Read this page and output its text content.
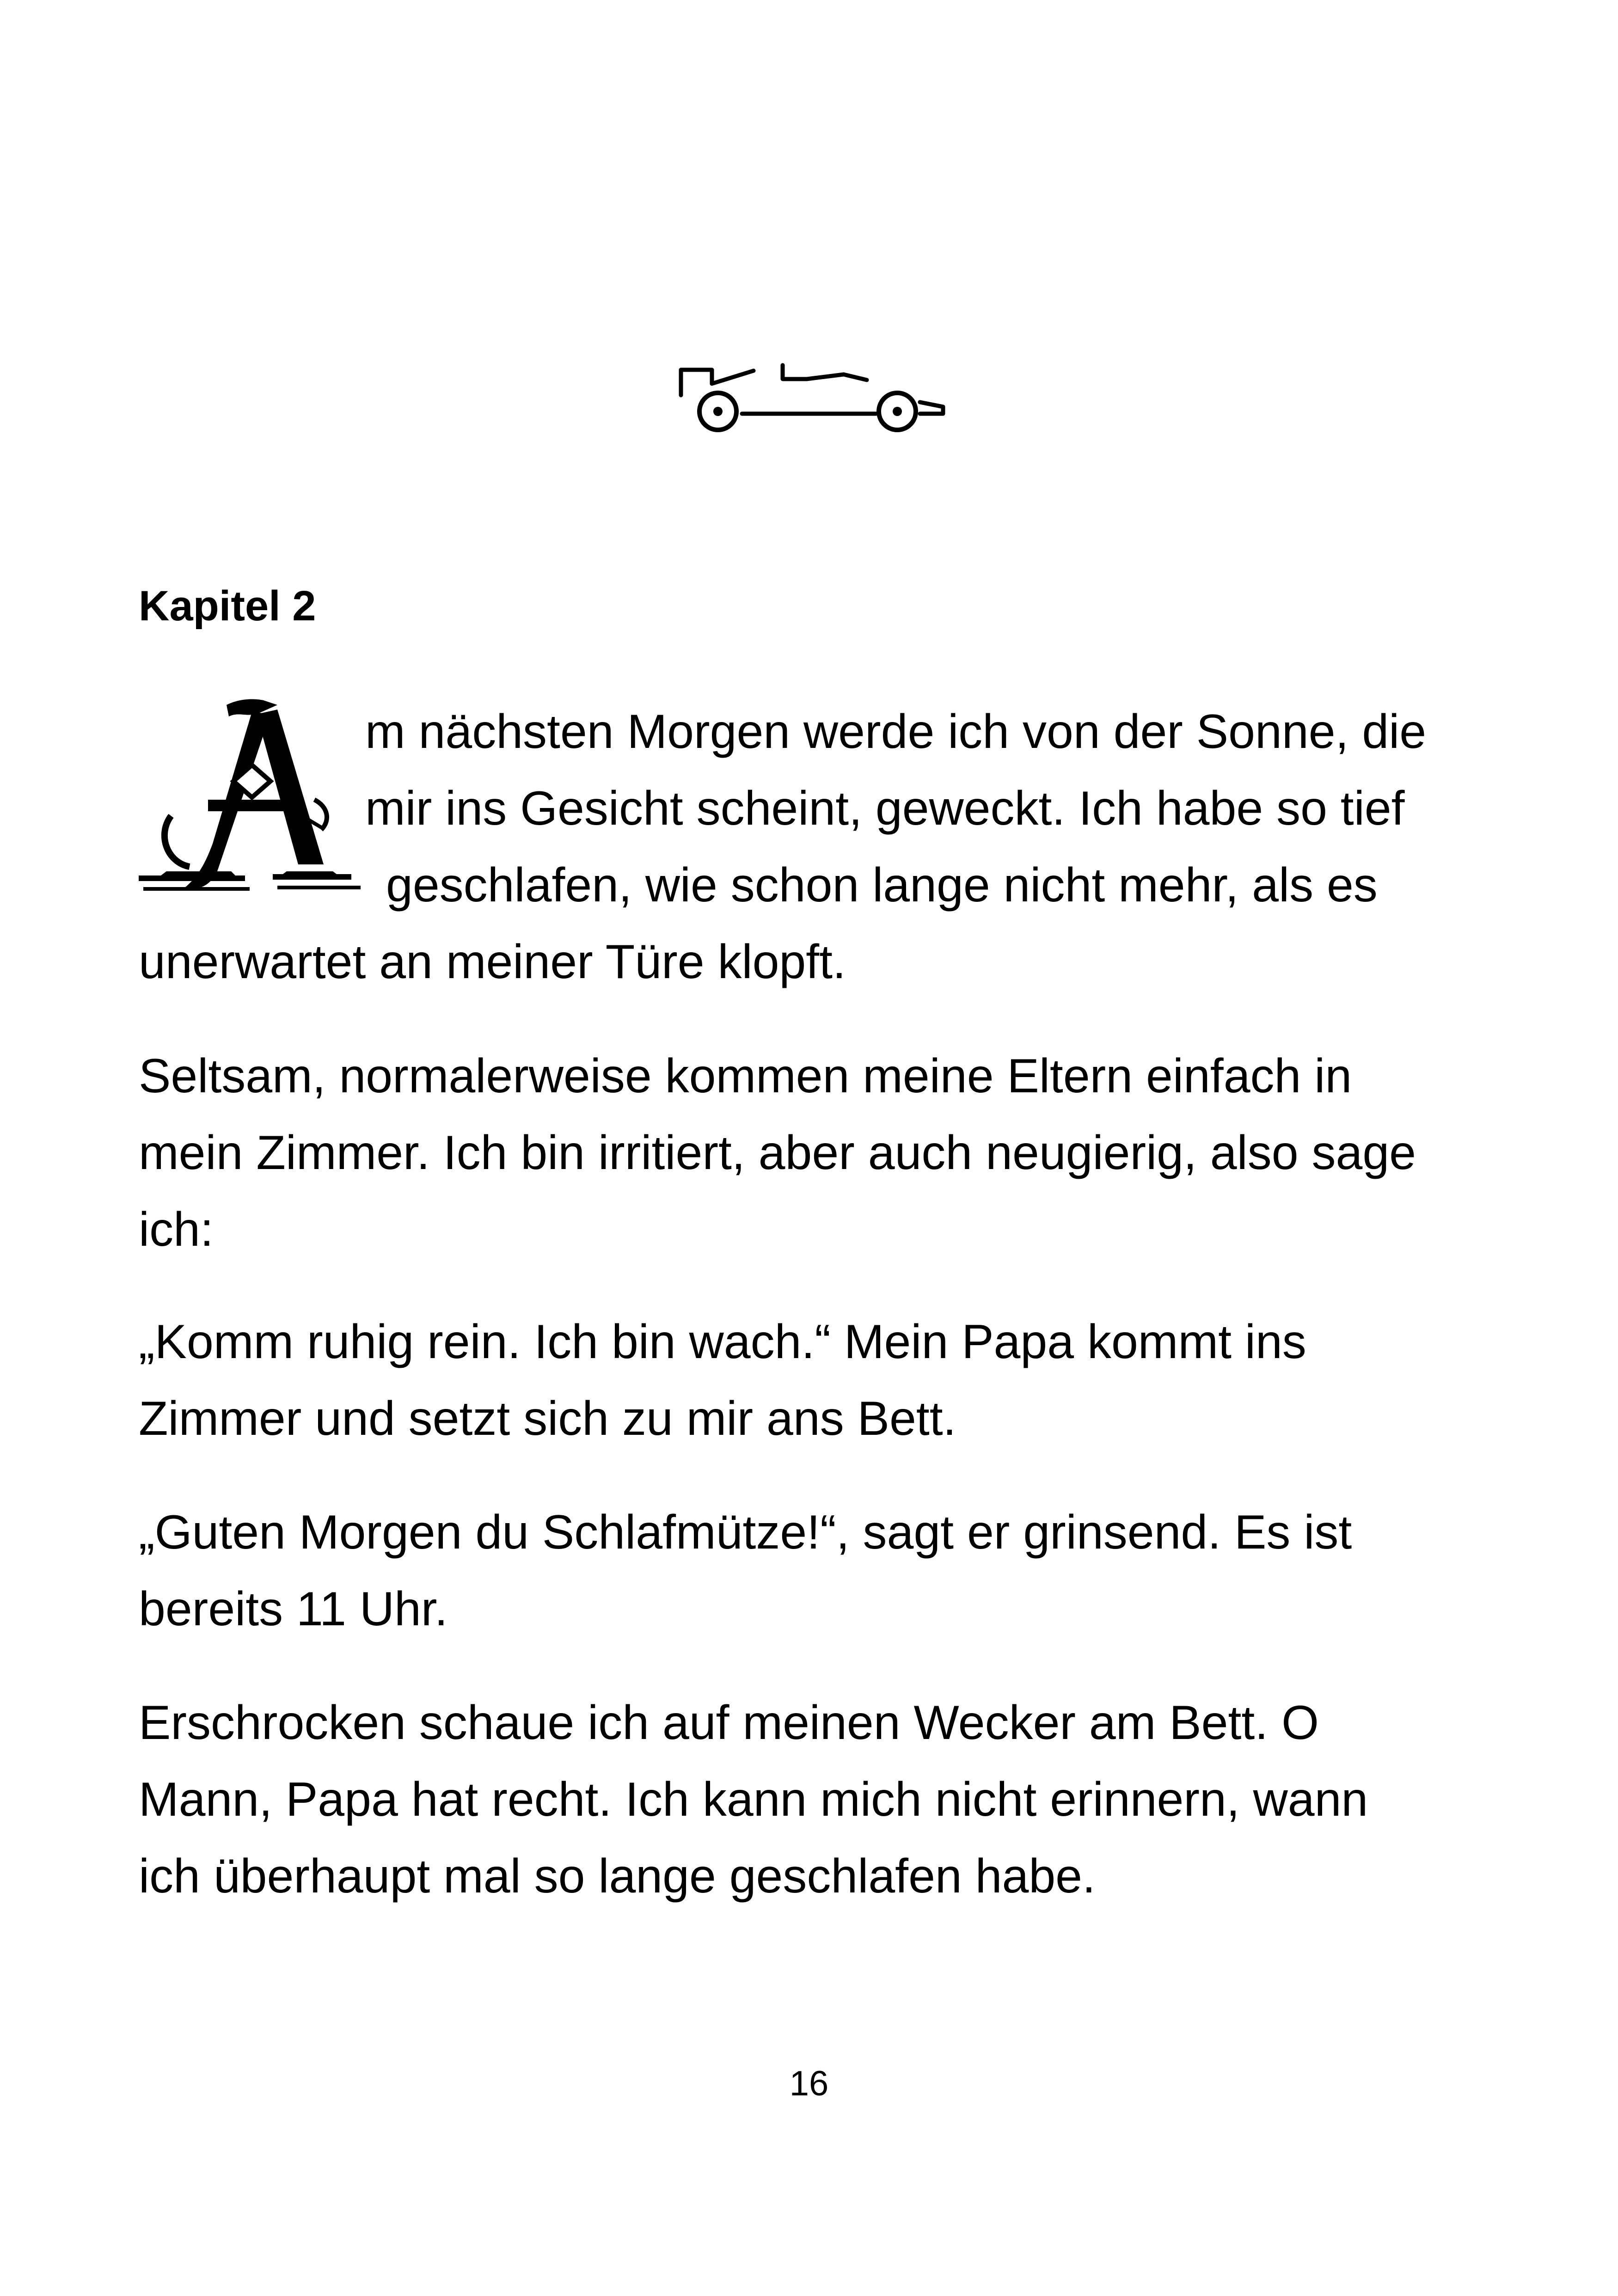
Kapitel 2
A
m nächsten Morgen werde ich von der Sonne, die
mir ins Gesicht scheint, geweckt. Ich habe so tief
geschlafen, wie schon lange nicht mehr, als es
unerwartet an meiner Türe klopft.
Seltsam, normalerweise kommen meine Eltern einfach in
mein Zimmer. Ich bin irritiert, aber auch neugierig, also sage
ich:
„Komm ruhig rein. Ich bin wach.“ Mein Papa kommt ins
Zimmer und setzt sich zu mir ans Bett.
„Guten Morgen du Schlafmütze!“, sagt er grinsend. Es ist
bereits 11 Uhr.
Erschrocken schaue ich auf meinen Wecker am Bett. O
Mann, Papa hat recht. Ich kann mich nicht erinnern, wann
ich überhaupt mal so lange geschlafen habe.
16
